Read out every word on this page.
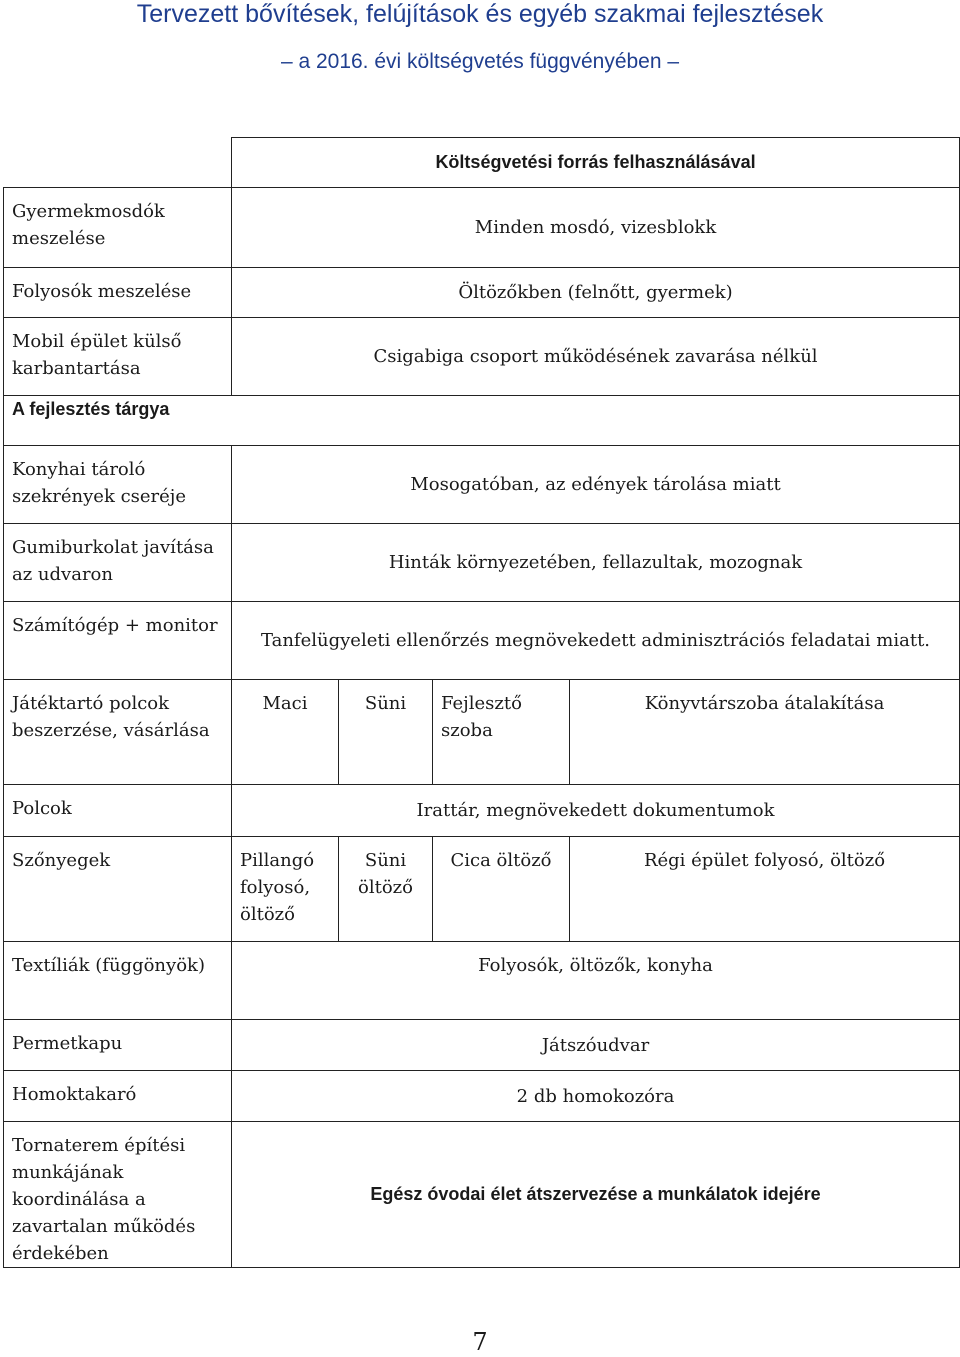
Tervezett bővítések, felújítások és egyéb szakmai fejlesztések
– a 2016. évi költségvetés függvényében –
	Költségvetési forrás felhasználásával			
Gyermekmosdók meszelése	Minden mosdó, vizesblokk			
Folyosók meszelése	Öltözőkben (felnőtt, gyermek)			
Mobil épület külső karbantartása	Csigabiga csoport működésének zavarása nélkül			
A fejlesztés tárgya				
Konyhai tároló szekrények cseréje	Mosogatóban, az edények tárolása miatt			
Gumiburkolat javítása az udvaron	Hinták környezetében, fellazultak, mozognak			
Számítógép + monitor	Tanfelügyeleti ellenőrzés megnövekedett adminisztrációs feladatai miatt.			
Játéktartó polcok beszerzése, vásárlása	Maci	Süni	Fejlesztő szoba	Könyvtárszoba átalakítása
Polcok	Irattár, megnövekedett dokumentumok			
Szőnyegek	Pillangó folyosó, öltöző	Süni öltöző	Cica öltöző	Régi épület folyosó, öltöző
Textíliák (függönyök)	Folyosók, öltözők, konyha			
Permetkapu	Játszóudvar			
Homoktakaró	2 db homokozóra			
Tornaterem építési munkájának koordinálása a zavartalan működés érdekében	Egész óvodai élet átszervezése a munkálatok idejére			
7
